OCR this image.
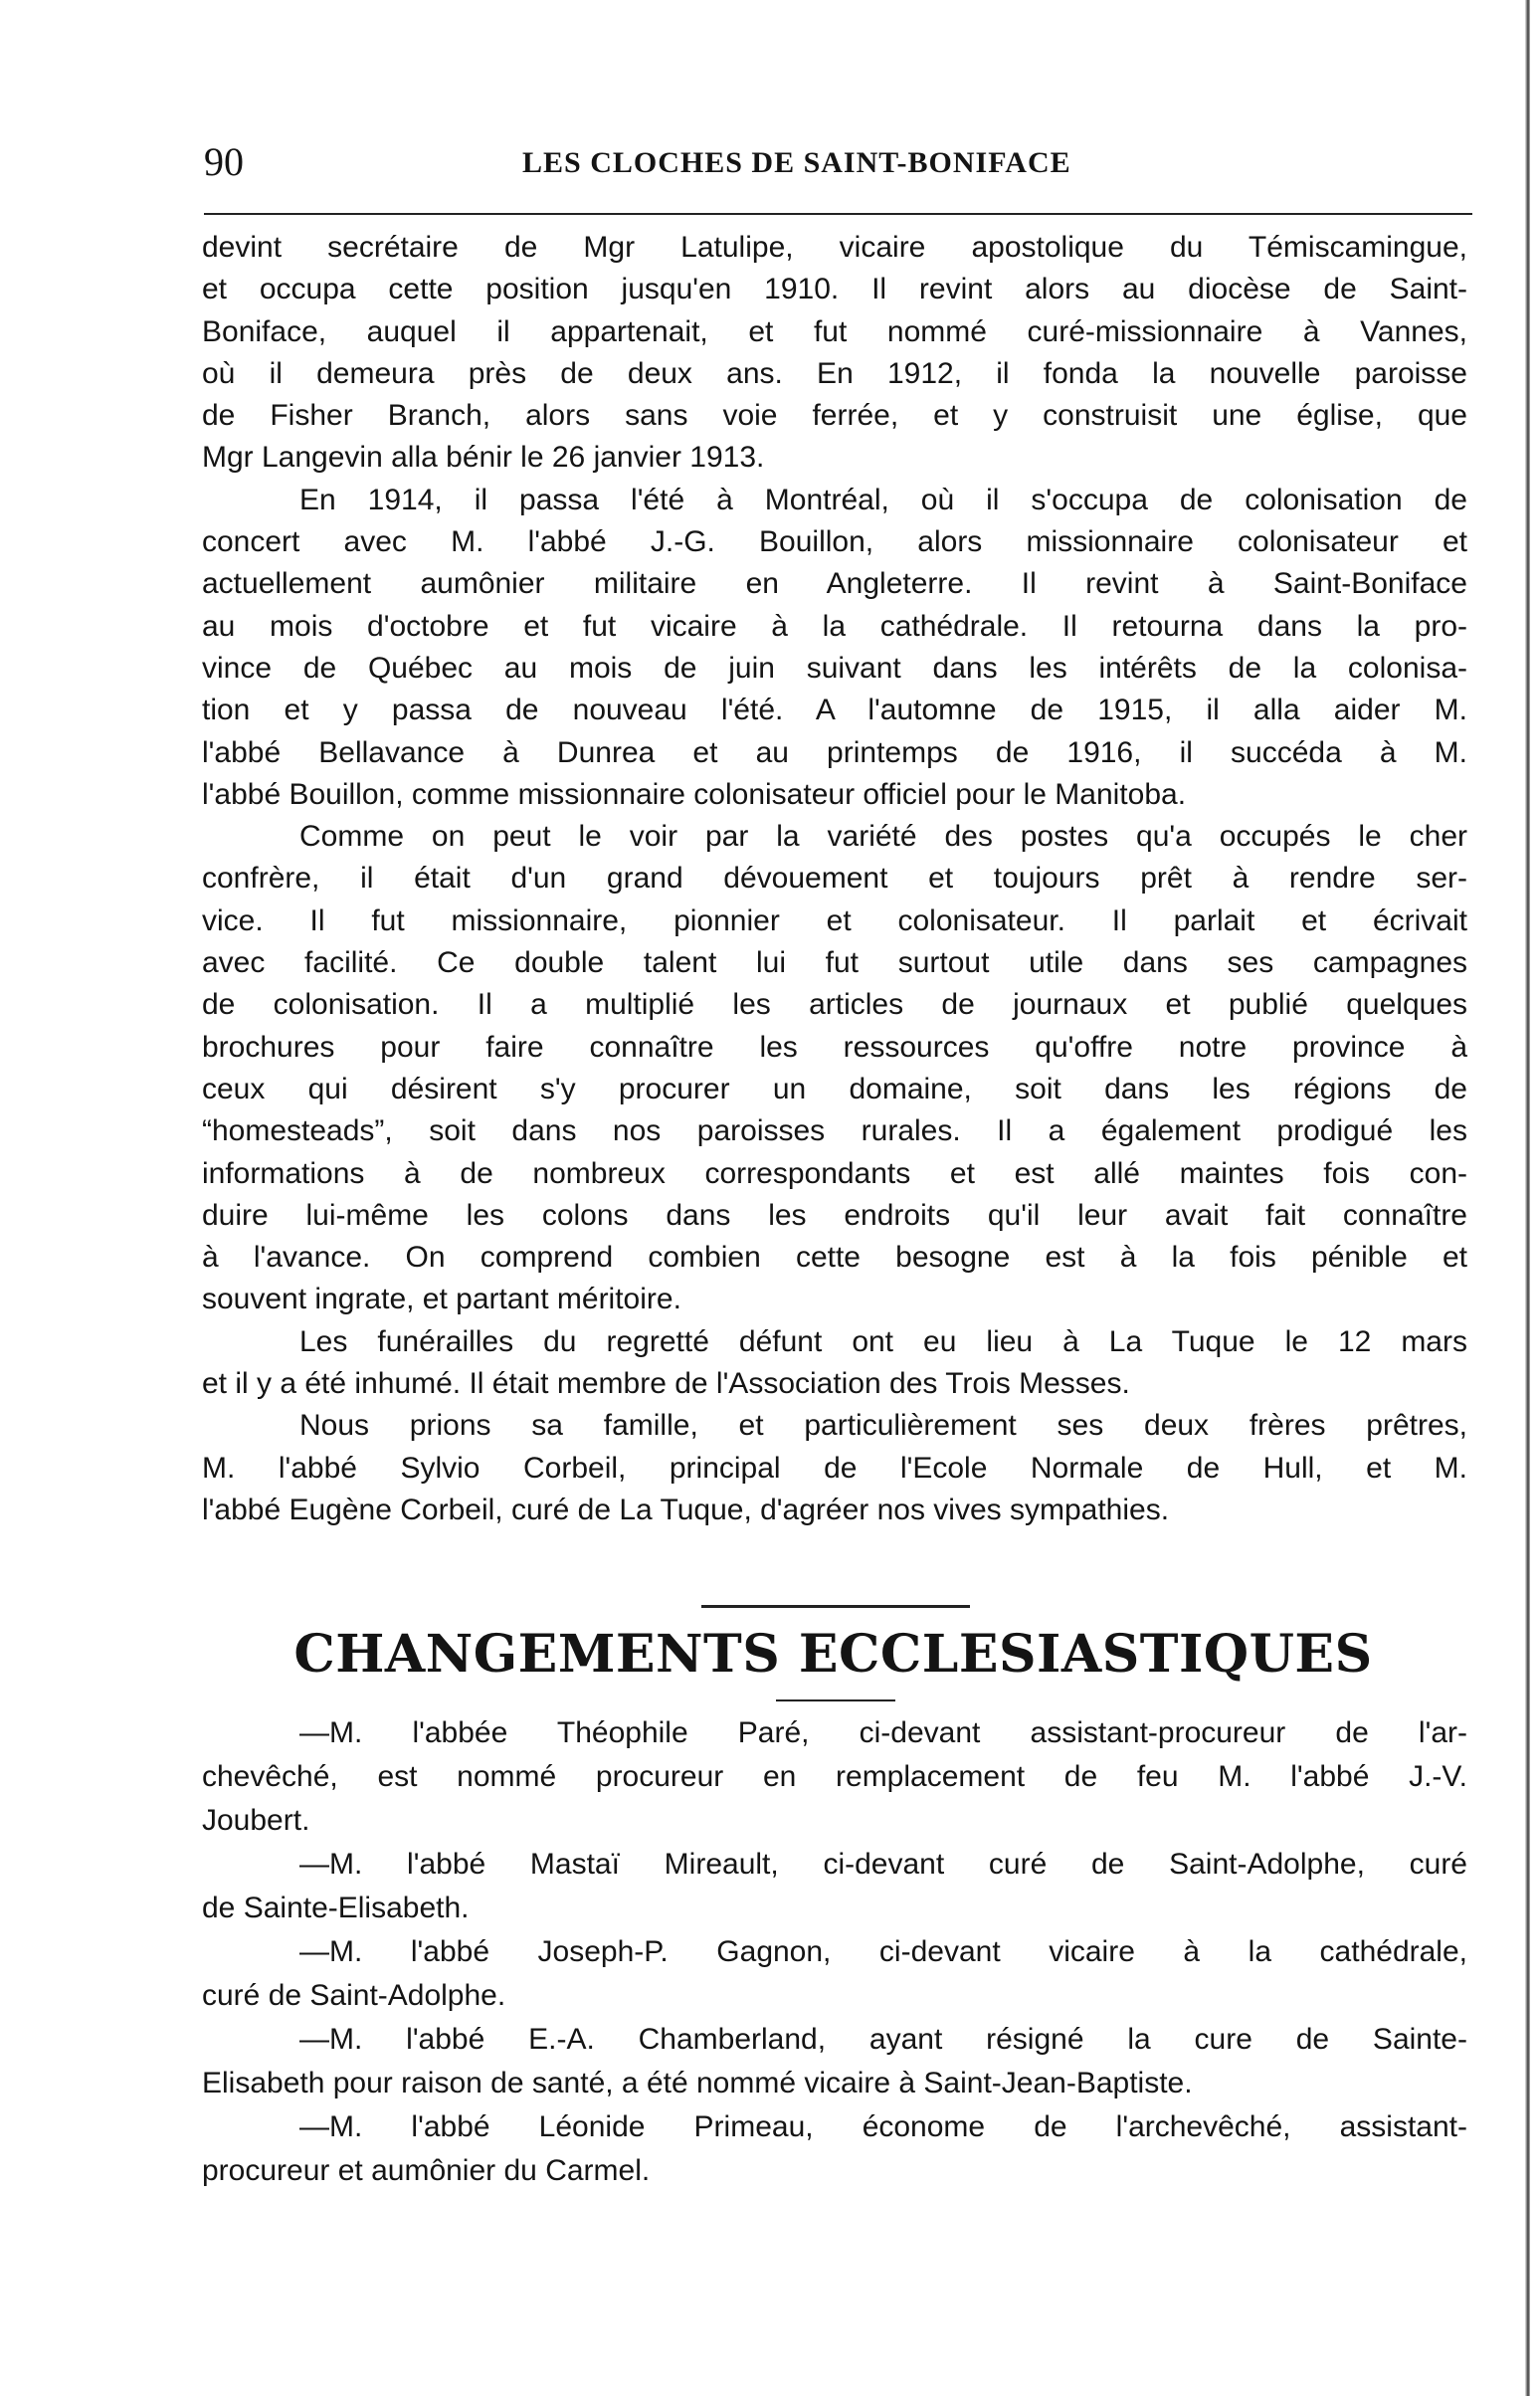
90	LES CLOCHES DE SAINT-BONIFACE
devint secrétaire de Mgr Latulipe, vicaire apostolique du Témiscamingue,
et occupa cette position jusqu'en 1910. Il revint alors au diocèse de Saint-
Boniface, auquel il appartenait, et fut nommé curé-missionnaire à Vannes,
où il demeura près de deux ans. En 1912, il fonda la nouvelle paroisse
de Fisher Branch, alors sans voie ferrée, et y construisit une église, que
Mgr Langevin alla bénir le 26 janvier 1913.
En 1914, il passa l'été à Montréal, où il s'occupa de colonisation de
concert avec M. l'abbé J.-G. Bouillon, alors missionnaire colonisateur et
actuellement aumônier militaire en Angleterre. Il revint à Saint-Boniface
au mois d'octobre et fut vicaire à la cathédrale. Il retourna dans la pro-
vince de Québec au mois de juin suivant dans les intérêts de la colonisa-
tion et y passa de nouveau l'été. A l'automne de 1915, il alla aider M.
l'abbé Bellavance à Dunrea et au printemps de 1916, il succéda à M.
l'abbé Bouillon, comme missionnaire colonisateur officiel pour le Manitoba.
Comme on peut le voir par la variété des postes qu'a occupés le cher
confrère, il était d'un grand dévouement et toujours prêt à rendre ser-
vice. Il fut missionnaire, pionnier et colonisateur. Il parlait et écrivait
avec facilité. Ce double talent lui fut surtout utile dans ses campagnes
de colonisation. Il a multiplié les articles de journaux et publié quelques
brochures pour faire connaître les ressources qu'offre notre province à
ceux qui désirent s'y procurer un domaine, soit dans les régions de
“homesteads”, soit dans nos paroisses rurales. Il a également prodigué les
informations à de nombreux correspondants et est allé maintes fois con-
duire lui-même les colons dans les endroits qu'il leur avait fait connaître
à l'avance. On comprend combien cette besogne est à la fois pénible et
souvent ingrate, et partant méritoire.
Les funérailles du regretté défunt ont eu lieu à La Tuque le 12 mars
et il y a été inhumé. Il était membre de l'Association des Trois Messes.
Nous prions sa famille, et particulièrement ses deux frères prêtres,
M. l'abbé Sylvio Corbeil, principal de l'Ecole Normale de Hull, et M.
l'abbé Eugène Corbeil, curé de La Tuque, d'agréer nos vives sympathies.
CHANGEMENTS ECCLESIASTIQUES
—M. l'abbée Théophile Paré, ci-devant assistant-procureur de l'ar-
chevêché, est nommé procureur en remplacement de feu M. l'abbé J.-V.
Joubert.
—M. l'abbé Mastaï Mireault, ci-devant curé de Saint-Adolphe, curé
de Sainte-Elisabeth.
—M. l'abbé Joseph-P. Gagnon, ci-devant vicaire à la cathédrale,
curé de Saint-Adolphe.
—M. l'abbé E.-A. Chamberland, ayant résigné la cure de Sainte-
Elisabeth pour raison de santé, a été nommé vicaire à Saint-Jean-Baptiste.
—M. l'abbé Léonide Primeau, économe de l'archevêché, assistant-
procureur et aumônier du Carmel.
